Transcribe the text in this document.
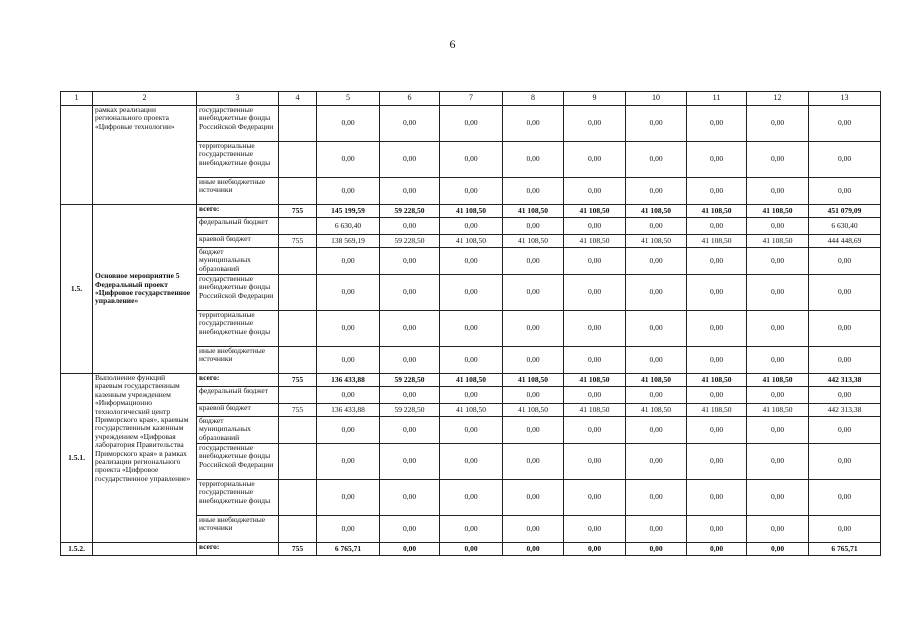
6
1	2	3	4	5	6	7	8	9	10	11	12	13
	рамках реализации регионального проекта «Цифровые технологии»	государственные внебюджетные фонды Российской Федерации		0,00	0,00	0,00	0,00	0,00	0,00	0,00	0,00	0,00
		территориальные государственные внебюджетные фонды		0,00	0,00	0,00	0,00	0,00	0,00	0,00	0,00	0,00
		иные внебюджетные источники		0,00	0,00	0,00	0,00	0,00	0,00	0,00	0,00	0,00
1.5.	Основное мероприятие 5 Федеральный проект «Цифровое государственное управление»	всего:	755	145 199,59	59 228,50	41 108,50	41 108,50	41 108,50	41 108,50	41 108,50	41 108,50	451 079,09
		федеральный бюджет		6 630,40	0,00	0,00	0,00	0,00	0,00	0,00	0,00	6 630,40
		краевой бюджет	755	138 569,19	59 228,50	41 108,50	41 108,50	41 108,50	41 108,50	41 108,50	41 108,50	444 448,69
		бюджет муниципальных образований		0,00	0,00	0,00	0,00	0,00	0,00	0,00	0,00	0,00
		государственные внебюджетные фонды Российской Федерации		0,00	0,00	0,00	0,00	0,00	0,00	0,00	0,00	0,00
		территориальные государственные внебюджетные фонды		0,00	0,00	0,00	0,00	0,00	0,00	0,00	0,00	0,00
		иные внебюджетные источники		0,00	0,00	0,00	0,00	0,00	0,00	0,00	0,00	0,00
1.5.1.	Выполнение функций краевым государственным казенным учреждением «Информационно технологический центр Приморского края», краевым государственным казенным учреждением «Цифровая лаборатория Правительства Приморского края» в рамках реализации регионального проекта «Цифровое государственное управление»	всего:	755	136 433,88	59 228,50	41 108,50	41 108,50	41 108,50	41 108,50	41 108,50	41 108,50	442 313,38
		федеральный бюджет		0,00	0,00	0,00	0,00	0,00	0,00	0,00	0,00	0,00
		краевой бюджет	755	136 433,88	59 228,50	41 108,50	41 108,50	41 108,50	41 108,50	41 108,50	41 108,50	442 313,38
		бюджет муниципальных образований		0,00	0,00	0,00	0,00	0,00	0,00	0,00	0,00	0,00
		государственные внебюджетные фонды Российской Федерации		0,00	0,00	0,00	0,00	0,00	0,00	0,00	0,00	0,00
		территориальные государственные внебюджетные фонды		0,00	0,00	0,00	0,00	0,00	0,00	0,00	0,00	0,00
		иные внебюджетные источники		0,00	0,00	0,00	0,00	0,00	0,00	0,00	0,00	0,00
1.5.2.		всего:	755	6 765,71	0,00	0,00	0,00	0,00	0,00	0,00	0,00	6 765,71
